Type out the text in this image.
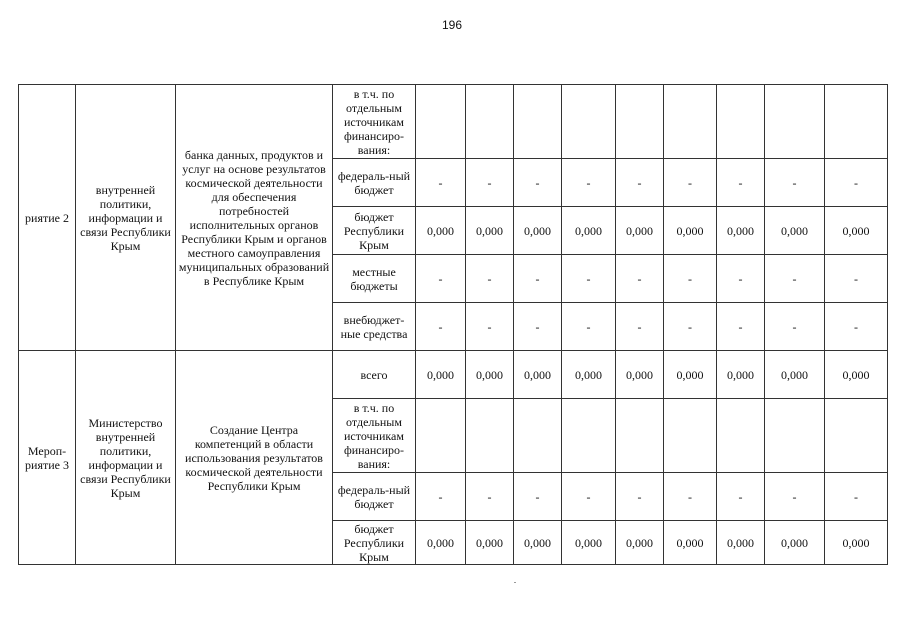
196
риятие 2	внутренней политики, информации и связи Республики Крым	банка данных, продуктов и услуг на основе результатов космической деятельности для обеспечения потребностей исполнительных органов Республики Крым и органов местного самоуправления муниципальных образований в Республике Крым	в т.ч. по отдельным источникам финансиро-вания:									
			федераль-ный бюджет	-	-	-	-	-	-	-	-	-
			бюджет Республики Крым	0,000	0,000	0,000	0,000	0,000	0,000	0,000	0,000	0,000
			местные бюджеты	-	-	-	-	-	-	-	-	-
			внебюджет-ные средства	-	-	-	-	-	-	-	-	-
Мероп-риятие 3	Министерство внутренней политики, информации и связи Республики Крым	Создание Центра компетенций в области использования результатов космической деятельности Республики Крым	всего	0,000	0,000	0,000	0,000	0,000	0,000	0,000	0,000	0,000
			в т.ч. по отдельным источникам финансиро-вания:									
			федераль-ный бюджет	-	-	-	-	-	-	-	-	-
			бюджет Республики Крым	0,000	0,000	0,000	0,000	0,000	0,000	0,000	0,000	0,000
